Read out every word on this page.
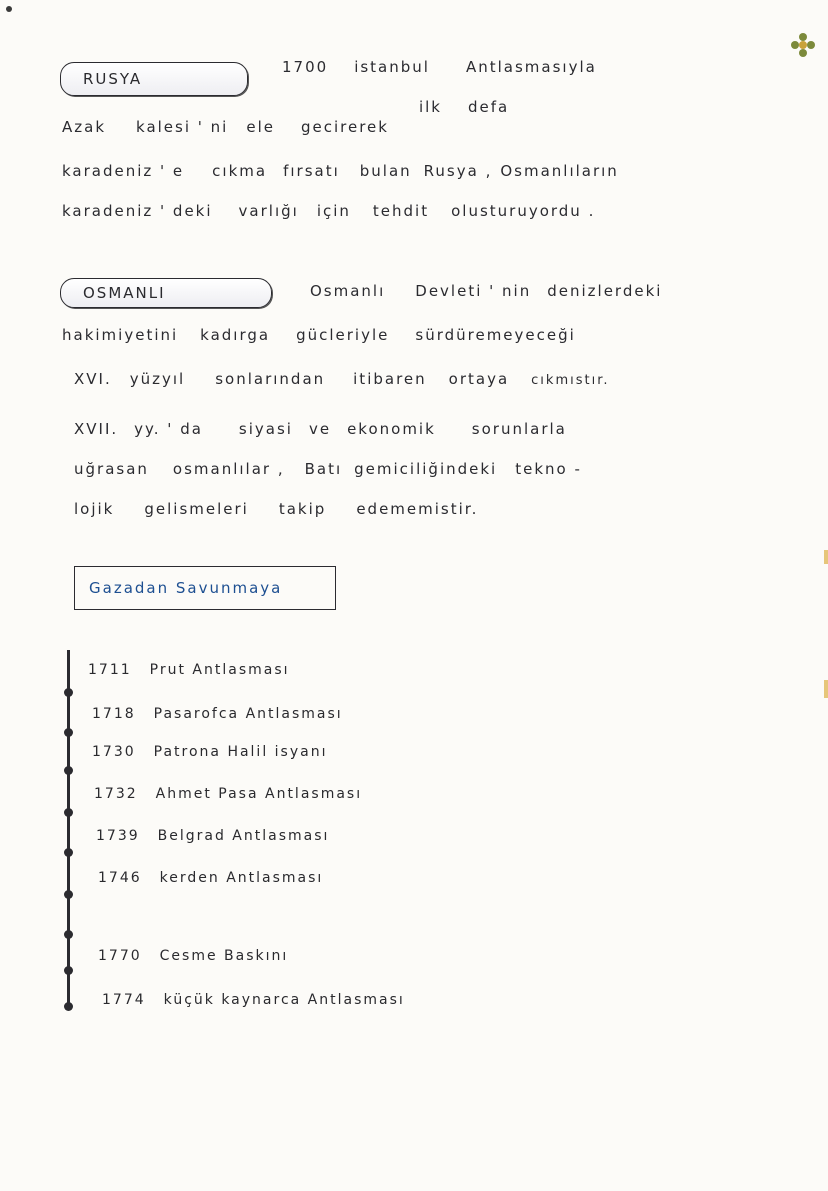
RUSYA
1700 istanbul Antlasmasıyla
Azak kalesi ' ni ele gecirerekilk defa
karadeniz ' e cıkma fırsatı bulan Rusya , Osmanlıların
karadeniz ' deki varlığı için tehdit olusturuyordu .
OSMANLI	Osmanlı Devleti ' nin denizlerdeki
hakimiyetini kadırga gücleriyle sürdüremeyeceği
XVI. yüzyıl sonlarından itibaren ortaya cıkmıstır.
XVII. yy. ' da siyasi ve ekonomik sorunlarla
uğrasan osmanlılar , Batı gemiciliğindeki tekno -
lojik gelismeleri takip edememistir.
Gazadan Savunmaya
1711 Prut Antlasması
1718 Pasarofca Antlasması
1730 Patrona Halil isyanı
1732 Ahmet Pasa Antlasması
1739 Belgrad Antlasması
1746 kerden Antlasması
1770 Cesme Baskını
1774 küçük kaynarca Antlasması
